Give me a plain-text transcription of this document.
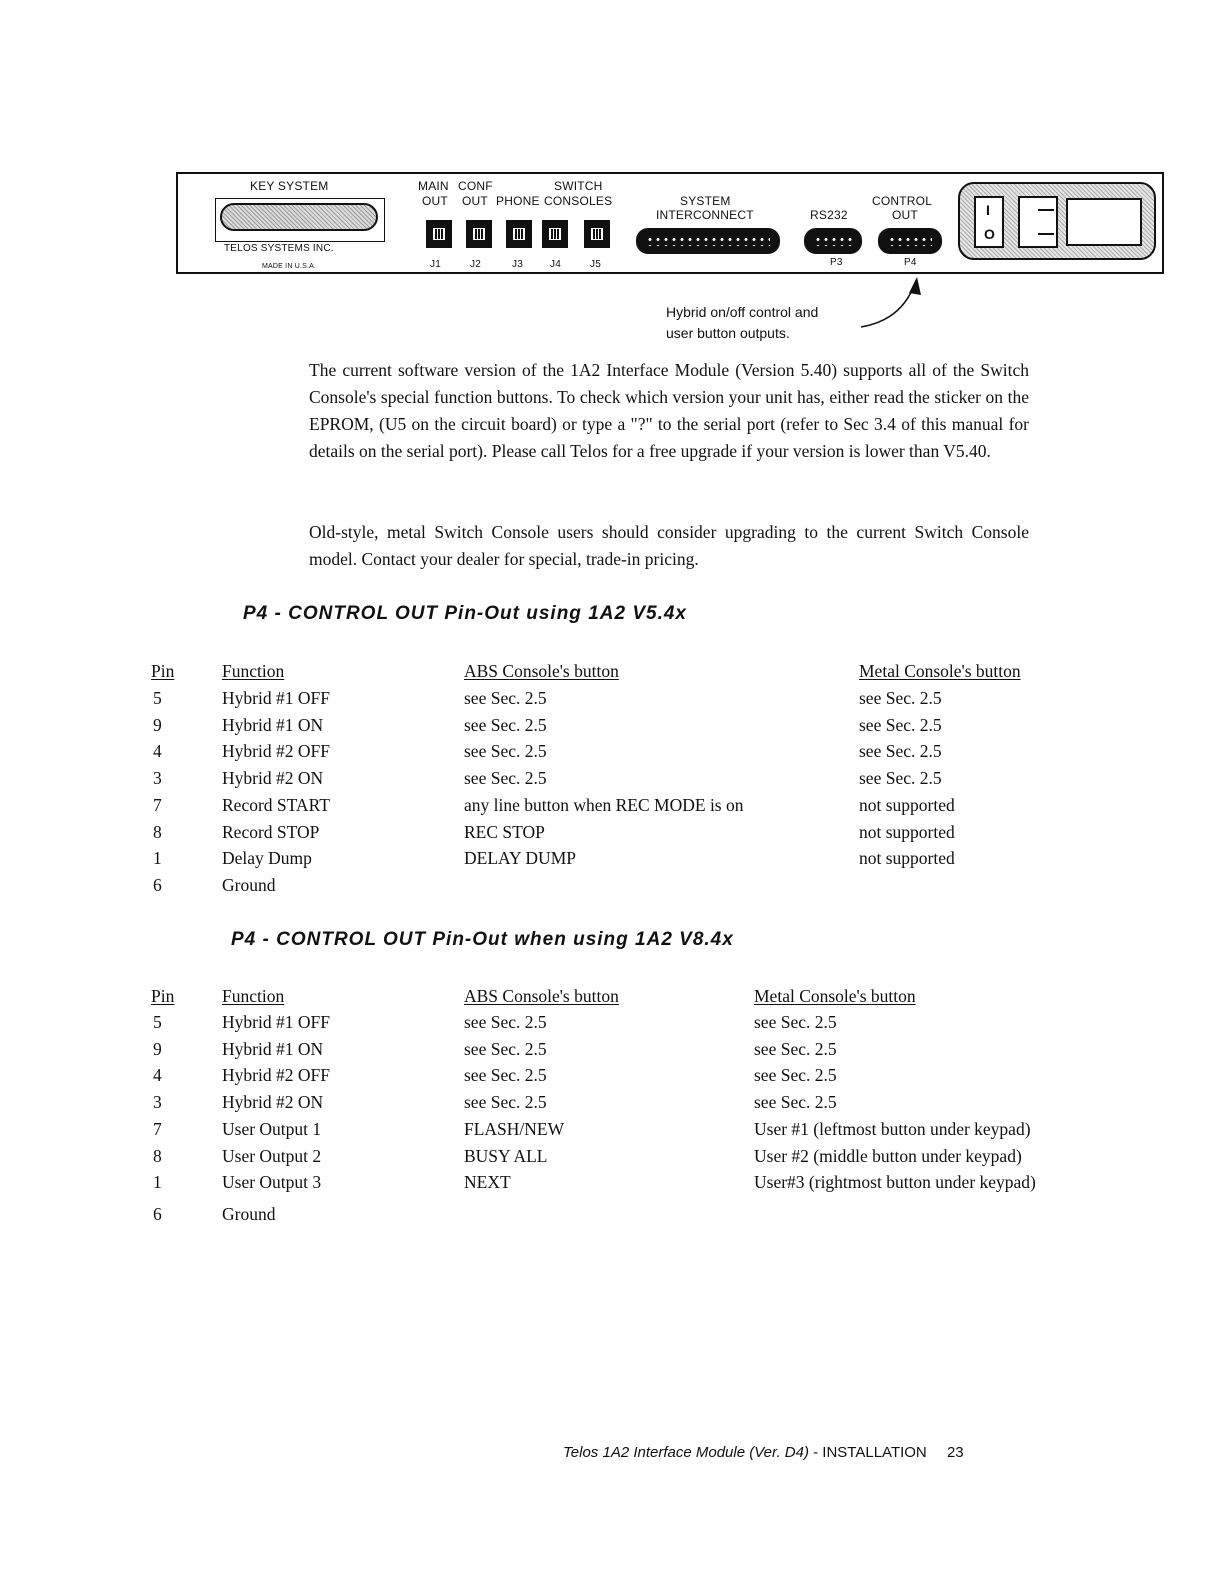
KEY SYSTEM
TELOS SYSTEMS INC.
MADE IN U.S.A.
MAIN
OUT
CONF
OUT PHONE
SWITCH
CONSOLES
J1	J2	J3	J4	J5
SYSTEM
INTERCONNECT	RS232
P3
CONTROL
OUT
P4
I
O
Hybrid on/off control and
user button outputs.

The current software version of the 1A2 Interface Module (Version 5.40) supports all of the Switch Console's special function buttons. To check which version your unit has, either read the sticker on the EPROM, (U5 on the circuit board) or type a "?" to the serial port (refer to Sec 3.4 of this manual for details on the serial port). Please call Telos for a free upgrade if your version is lower than V5.40.

Old-style, metal Switch Console users should consider upgrading to the current Switch Console model. Contact your dealer for special, trade-in pricing.

P4 - CONTROL OUT Pin-Out using 1A2 V5.4x
Pin	Function	ABS Console's button	Metal Console's button
5	Hybrid #1 OFF	see Sec. 2.5	see Sec. 2.5
9	Hybrid #1 ON	see Sec. 2.5	see Sec. 2.5
4	Hybrid #2 OFF	see Sec. 2.5	see Sec. 2.5
3	Hybrid #2 ON	see Sec. 2.5	see Sec. 2.5
7	Record START	any line button when REC MODE is on	not supported
8	Record STOP	REC STOP	not supported
1	Delay Dump	DELAY DUMP	not supported
6	Ground
P4 - CONTROL OUT Pin-Out when using 1A2 V8.4x
Pin	Function	ABS Console's button	Metal Console's button
5	Hybrid #1 OFF	see Sec. 2.5	see Sec. 2.5
9	Hybrid #1 ON	see Sec. 2.5	see Sec. 2.5
4	Hybrid #2 OFF	see Sec. 2.5	see Sec. 2.5
3	Hybrid #2 ON	see Sec. 2.5	see Sec. 2.5
7	User Output 1	FLASH/NEW	User #1 (leftmost button under keypad)
8	User Output 2	BUSY ALL	User #2 (middle button under keypad)
1	User Output 3	NEXT	User#3 (rightmost button under keypad)
6	Ground
Telos 1A2 Interface Module (Ver. D4) - INSTALLATION 23
